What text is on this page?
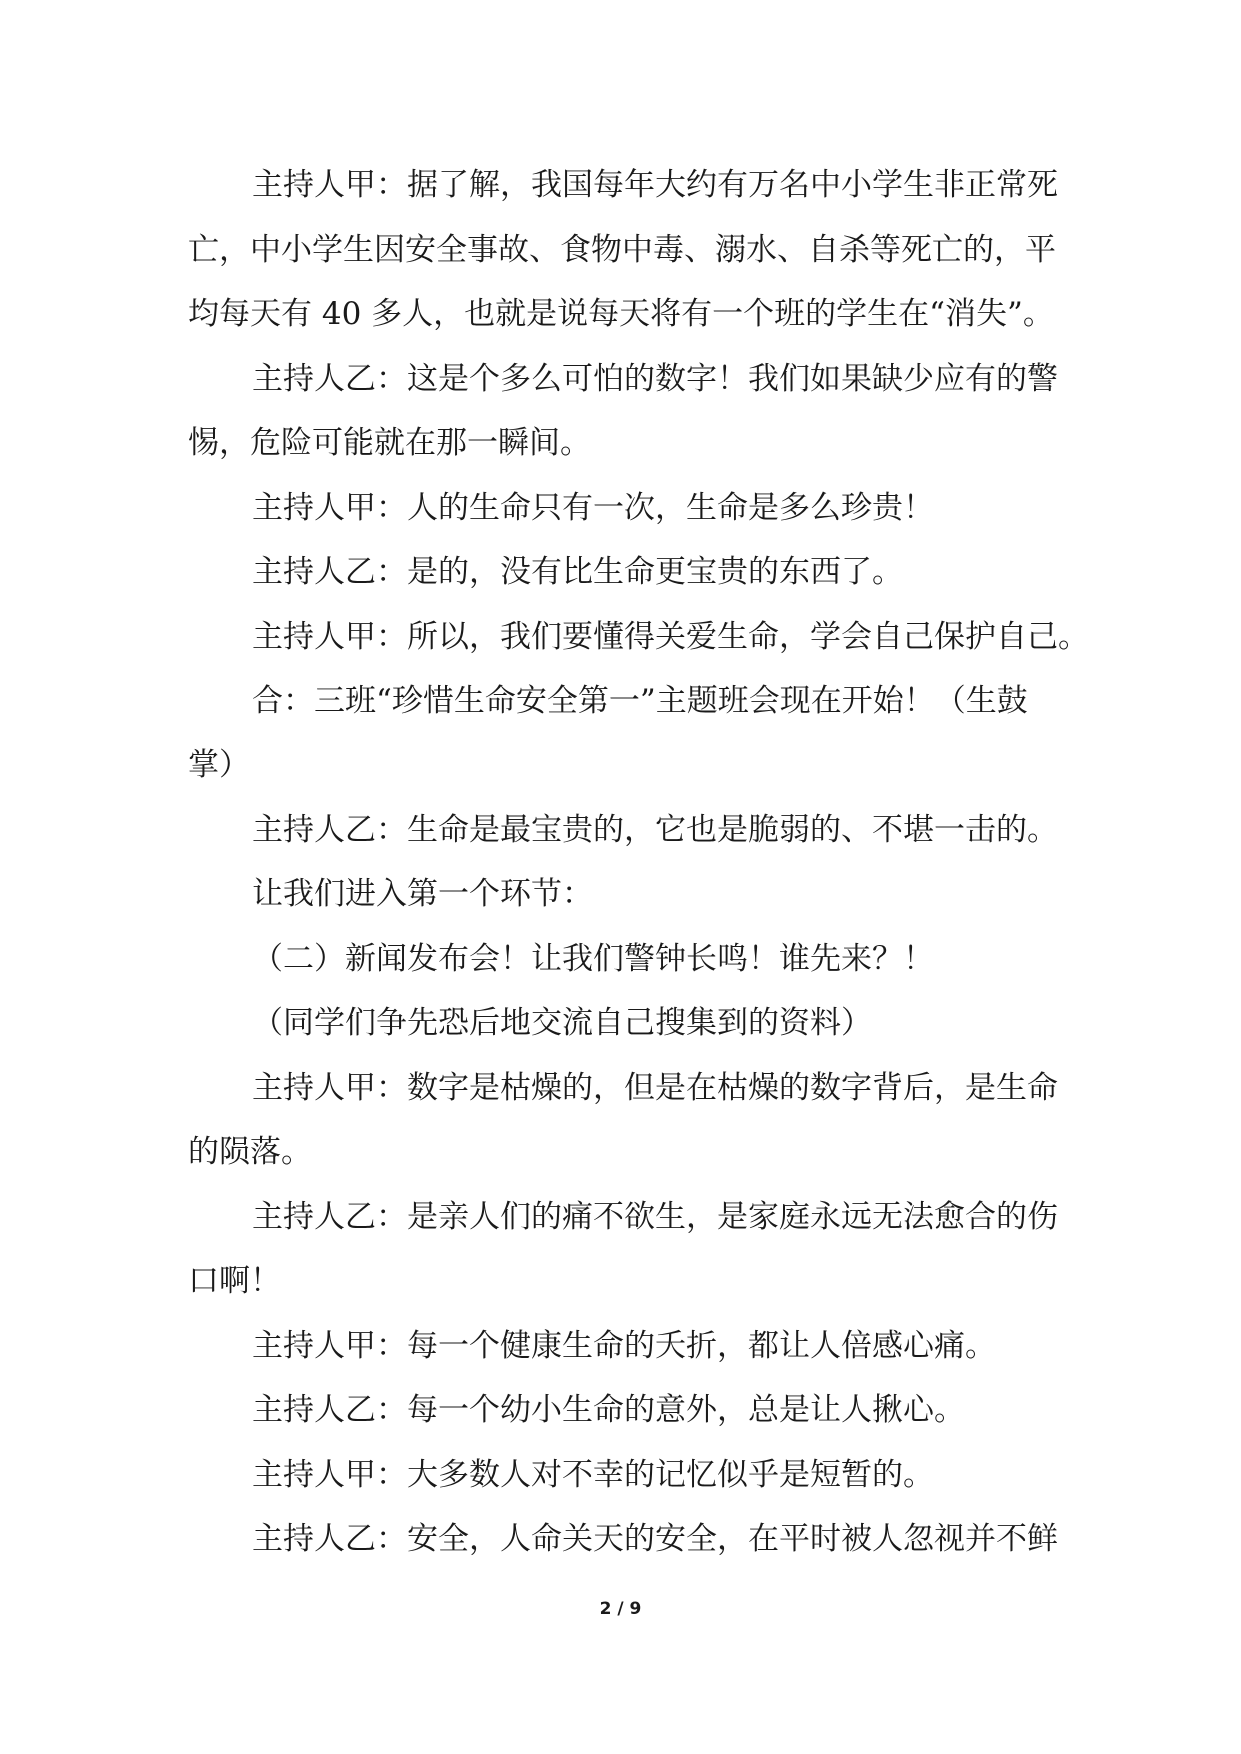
主持人甲：据了解，我国每年大约有万名中小学生非正常死
亡，中小学生因安全事故、食物中毒、溺水、自杀等死亡的，平
均每天有 40 多人，也就是说每天将有一个班的学生在“消失”。
主持人乙：这是个多么可怕的数字！我们如果缺少应有的警
惕，危险可能就在那一瞬间。
主持人甲：人的生命只有一次，生命是多么珍贵！
主持人乙：是的，没有比生命更宝贵的东西了。
主持人甲：所以，我们要懂得关爱生命，学会自己保护自己。
合：三班“珍惜生命安全第一”主题班会现在开始！（生鼓
掌）
主持人乙：生命是最宝贵的，它也是脆弱的、不堪一击的。
让我们进入第一个环节：
（二）新闻发布会！让我们警钟长鸣！谁先来？！
（同学们争先恐后地交流自己搜集到的资料）
主持人甲：数字是枯燥的，但是在枯燥的数字背后，是生命
的陨落。
主持人乙：是亲人们的痛不欲生，是家庭永远无法愈合的伤
口啊！
主持人甲：每一个健康生命的夭折，都让人倍感心痛。
主持人乙：每一个幼小生命的意外，总是让人揪心。
主持人甲：大多数人对不幸的记忆似乎是短暂的。
主持人乙：安全，人命关天的安全，在平时被人忽视并不鲜
2 / 9
